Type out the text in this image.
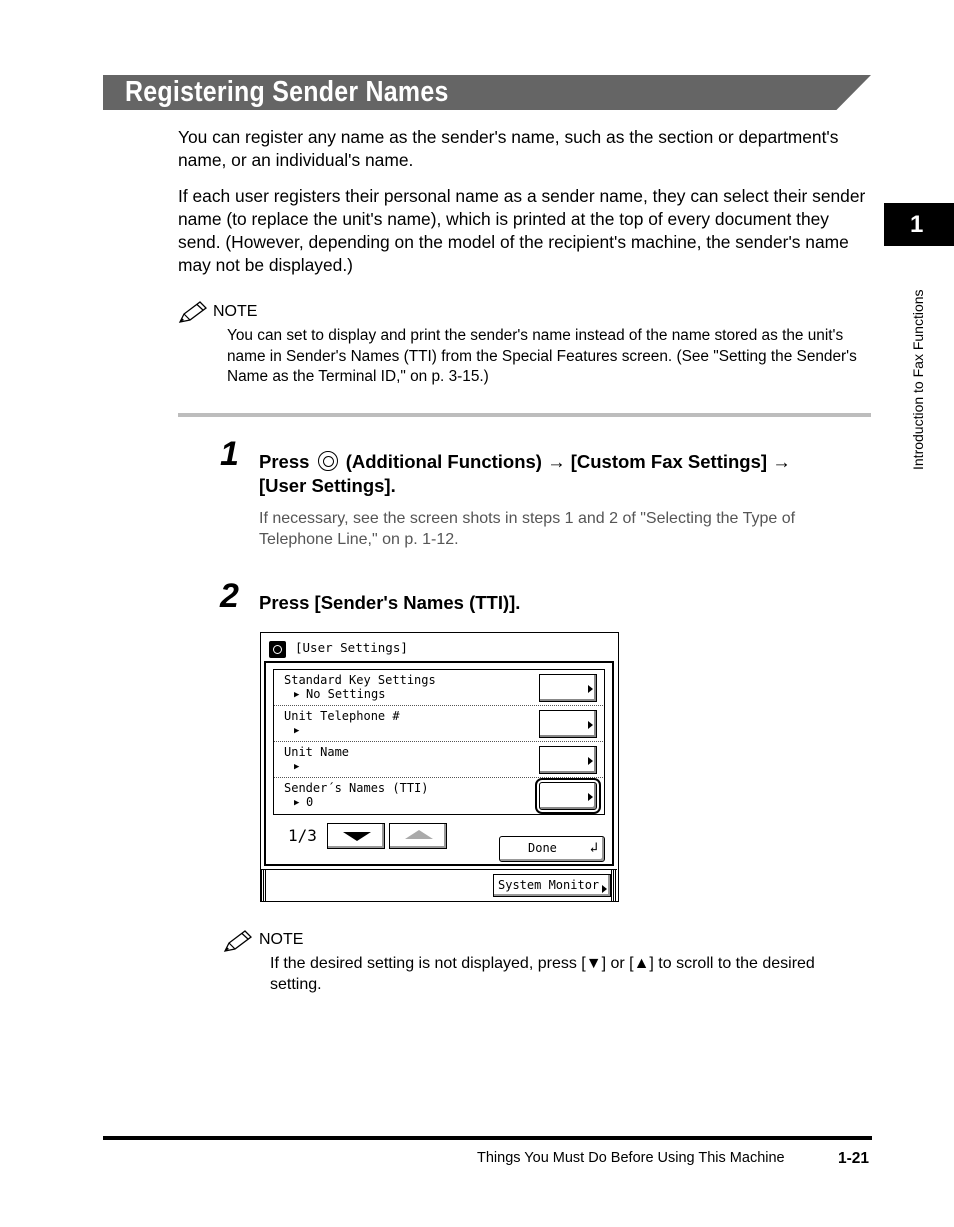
Registering Sender Names

You can register any name as the sender's name, such as the section or department's name, or an individual's name.

If each user registers their personal name as a sender name, they can select their sender name (to replace the unit's name), which is printed at the top of every document they send. (However, depending on the model of the recipient's machine, the sender's name may not be displayed.)

NOTE
You can set to display and print the sender's name instead of the name stored as the unit's name in Sender's Names (TTI) from the Special Features screen. (See "Setting the Sender's Name as the Terminal ID," on p. 3-15.)
1 Press (Additional Functions) → [Custom Fax Settings] →
[User Settings].
If necessary, see the screen shots in steps 1 and 2 of "Selecting the Type of Telephone Line," on p. 1-12.
2 Press [Sender's Names (TTI)].
[User Settings]
Standard Key Settings
▶ No Settings
Unit Telephone #
Unit Name
Sender´s Names (TTI)
▶ 0
1/3
Done ↲
System Monitor
NOTE
If the desired setting is not displayed, press [▼] or [▲] to scroll to the desired setting.
1
Introduction to Fax Functions
Things You Must Do Before Using This Machine	1-21
